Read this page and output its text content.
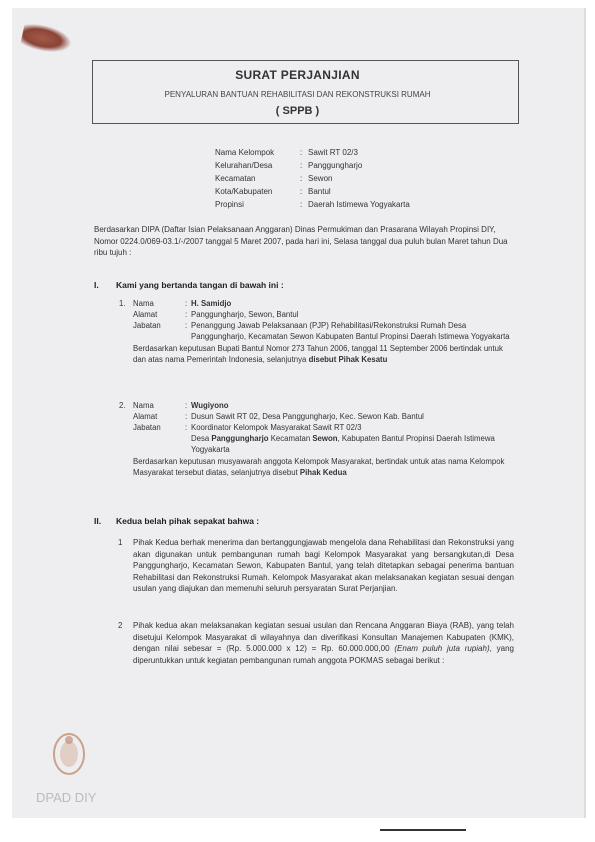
SURAT PERJANJIAN
PENYALURAN BANTUAN REHABILITASI DAN REKONSTRUKSI RUMAH
( SPPB )
Nama Kelompok	: Sawit RT 02/3
Kelurahan/Desa	: Panggungharjo
Kecamatan	: Sewon
Kota/Kabupaten	: Bantul
Propinsi	: Daerah Istimewa Yogyakarta
Berdasarkan DIPA (Daftar Isian Pelaksanaan Anggaran) Dinas Permukiman dan Prasarana Wilayah Propinsi DIY, Nomor 0224.0/069-03.1/-/2007 tanggal 5 Maret 2007, pada hari ini, Selasa tanggal dua puluh bulan Maret tahun Dua ribu tujuh :
I. Kami yang bertanda tangan di bawah ini :
1. Nama	: H. Samidjo
Alamat	: Panggungharjo, Sewon, Bantul
Jabatan	: Penanggung Jawab Pelaksanaan (PJP) Rehabilitasi/Rekonstruksi Rumah Desa Panggungharjo, Kecamatan Sewon Kabupaten Bantul Propinsi Daerah Istimewa Yogyakarta
Berdasarkan keputusan Bupati Bantul Nomor 273 Tahun 2006, tanggal 11 September 2006 bertindak untuk dan atas nama Pemerintah Indonesia, selanjutnya disebut Pihak Kesatu
2. Nama	: Wugiyono
Alamat	: Dusun Sawit RT 02, Desa Panggungharjo, Kec. Sewon Kab. Bantul
Jabatan	: Koordinator Kelompok Masyarakat Sawit RT 02/3
Desa Panggungharjo Kecamatan Sewon, Kabupaten Bantul Propinsi Daerah Istimewa Yogyakarta
Berdasarkan keputusan musyawarah anggota Kelompok Masyarakat, bertindak untuk atas nama Kelompok Masyarakat tersebut diatas, selanjutnya disebut Pihak Kedua
II. Kedua belah pihak sepakat bahwa :
1	Pihak Kedua berhak menerima dan bertanggungjawab mengelola dana Rehabilitasi dan Rekonstruksi yang akan digunakan untuk pembangunan rumah bagi Kelompok Masyarakat yang bersangkutan,di Desa Panggungharjo, Kecamatan Sewon, Kabupaten Bantul, yang telah ditetapkan sebagai penerima bantuan Rehabilitasi dan Rekonstruksi Rumah. Kelompok Masyarakat akan melaksanakan kegiatan sesuai dengan usulan yang diajukan dan memenuhi seluruh persyaratan Surat Perjanjian.
2	Pihak kedua akan melaksanakan kegiatan sesuai usulan dan Rencana Anggaran Biaya (RAB), yang telah disetujui Kelompok Masyarakat di wilayahnya dan diverifikasi Konsultan Manajemen Kabupaten (KMK), dengan nilai sebesar = (Rp. 5.000.000 x 12) = Rp. 60.000.000,00 (Enam puluh juta rupiah), yang diperuntukkan untuk kegiatan pembangunan rumah anggota POKMAS sebagai berikut :
DPAD DIY
